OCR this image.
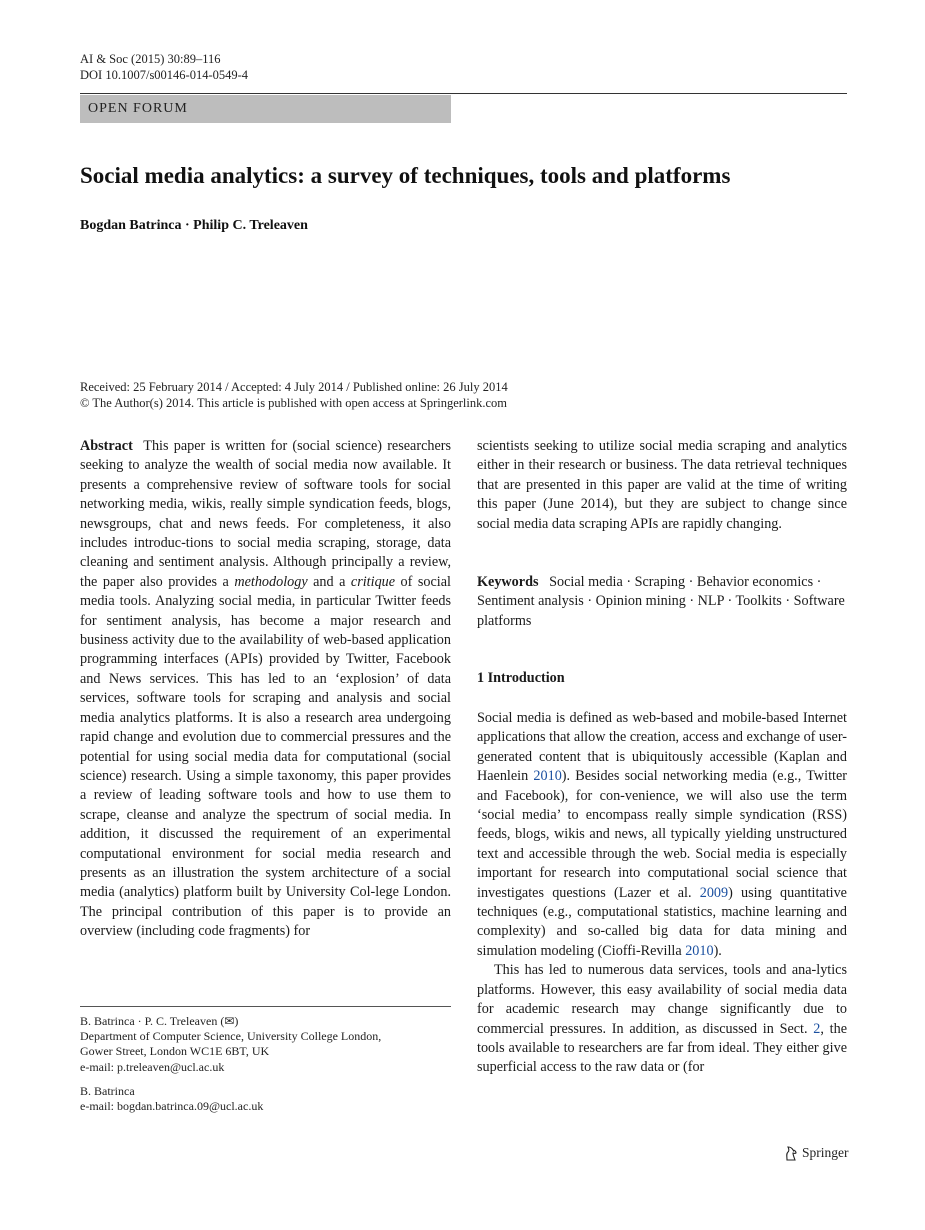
AI & Soc (2015) 30:89–116
DOI 10.1007/s00146-014-0549-4
OPEN FORUM
Social media analytics: a survey of techniques, tools and platforms
Bogdan Batrinca · Philip C. Treleaven
Received: 25 February 2014 / Accepted: 4 July 2014 / Published online: 26 July 2014
© The Author(s) 2014. This article is published with open access at Springerlink.com

Abstract This paper is written for (social science) researchers seeking to analyze the wealth of social media now available. It presents a comprehensive review of software tools for social networking media, wikis, really simple syndication feeds, blogs, newsgroups, chat and news feeds. For completeness, it also includes introduc-tions to social media scraping, storage, data cleaning and sentiment analysis. Although principally a review, the paper also provides a methodology and a critique of social media tools. Analyzing social media, in particular Twitter feeds for sentiment analysis, has become a major research and business activity due to the availability of web-based application programming interfaces (APIs) provided by Twitter, Facebook and News services. This has led to an ‘explosion’ of data services, software tools for scraping and analysis and social media analytics platforms. It is also a research area undergoing rapid change and evolution due to commercial pressures and the potential for using social media data for computational (social science) research. Using a simple taxonomy, this paper provides a review of leading software tools and how to use them to scrape, cleanse and analyze the spectrum of social media. In addition, it discussed the requirement of an experimental computational environment for social media research and presents as an illustration the system architecture of a social media (analytics) platform built by University Col-lege London. The principal contribution of this paper is to provide an overview (including code fragments) for

scientists seeking to utilize social media scraping and analytics either in their research or business. The data retrieval techniques that are presented in this paper are valid at the time of writing this paper (June 2014), but they are subject to change since social media data scraping APIs are rapidly changing.

Keywords Social media · Scraping · Behavior economics · Sentiment analysis · Opinion mining · NLP · Toolkits · Software platforms
1 Introduction

Social media is defined as web-based and mobile-based Internet applications that allow the creation, access and exchange of user-generated content that is ubiquitously accessible (Kaplan and Haenlein 2010). Besides social networking media (e.g., Twitter and Facebook), for con-venience, we will also use the term ‘social media’ to encompass really simple syndication (RSS) feeds, blogs, wikis and news, all typically yielding unstructured text and accessible through the web. Social media is especially important for research into computational social science that investigates questions (Lazer et al. 2009) using quantitative techniques (e.g., computational statistics, machine learning and complexity) and so-called big data for data mining and simulation modeling (Cioffi-Revilla 2010).

This has led to numerous data services, tools and ana-lytics platforms. However, this easy availability of social media data for academic research may change significantly due to commercial pressures. In addition, as discussed in Sect. 2, the tools available to researchers are far from ideal. They either give superficial access to the raw data or (for

B. Batrinca · P. C. Treleaven (✉)

Department of Computer Science, University College London,

Gower Street, London WC1E 6BT, UK

e-mail: p.treleaven@ucl.ac.uk

B. Batrinca

e-mail: bogdan.batrinca.09@ucl.ac.uk

Springer
